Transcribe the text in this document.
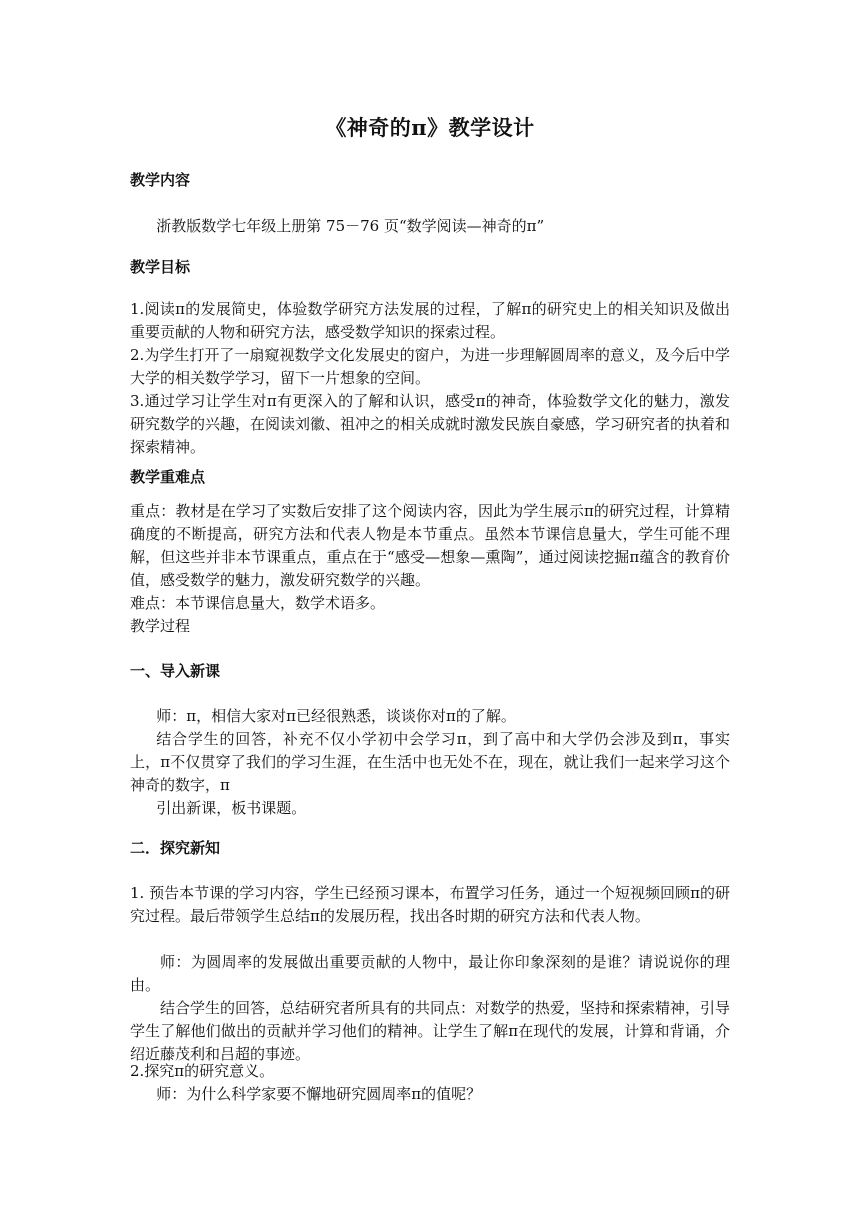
《神奇的π》教学设计
教学内容
浙教版数学七年级上册第 75－76 页“数学阅读—神奇的π”
教学目标
1.阅读π的发展简史，体验数学研究方法发展的过程，了解π的研究史上的相关知识及做出重要贡献的人物和研究方法，感受数学知识的探索过程。
2.为学生打开了一扇窥视数学文化发展史的窗户，为进一步理解圆周率的意义，及今后中学大学的相关数学学习，留下一片想象的空间。
3.通过学习让学生对π有更深入的了解和认识，感受π的神奇，体验数学文化的魅力，激发研究数学的兴趣，在阅读刘徽、祖冲之的相关成就时激发民族自豪感，学习研究者的执着和探索精神。
教学重难点
重点：教材是在学习了实数后安排了这个阅读内容，因此为学生展示π的研究过程，计算精确度的不断提高，研究方法和代表人物是本节重点。虽然本节课信息量大，学生可能不理解，但这些并非本节课重点，重点在于“感受—想象—熏陶”，通过阅读挖掘π蕴含的教育价值，感受数学的魅力，激发研究数学的兴趣。
难点：本节课信息量大，数学术语多。
教学过程
一、导入新课
师：π，相信大家对π已经很熟悉，谈谈你对π的了解。
结合学生的回答，补充不仅小学初中会学习π，到了高中和大学仍会涉及到π，事实上，π不仅贯穿了我们的学习生涯，在生活中也无处不在，现在，就让我们一起来学习这个神奇的数字，π
引出新课，板书课题。
二．探究新知
1. 预告本节课的学习内容，学生已经预习课本，布置学习任务，通过一个短视频回顾π的研究过程。最后带领学生总结π的发展历程，找出各时期的研究方法和代表人物。
师：为圆周率的发展做出重要贡献的人物中，最让你印象深刻的是谁？请说说你的理由。
结合学生的回答，总结研究者所具有的共同点：对数学的热爱，坚持和探索精神，引导学生了解他们做出的贡献并学习他们的精神。让学生了解π在现代的发展，计算和背诵，介绍近藤茂利和吕超的事迹。
2.探究π的研究意义。
师：为什么科学家要不懈地研究圆周率π的值呢？
